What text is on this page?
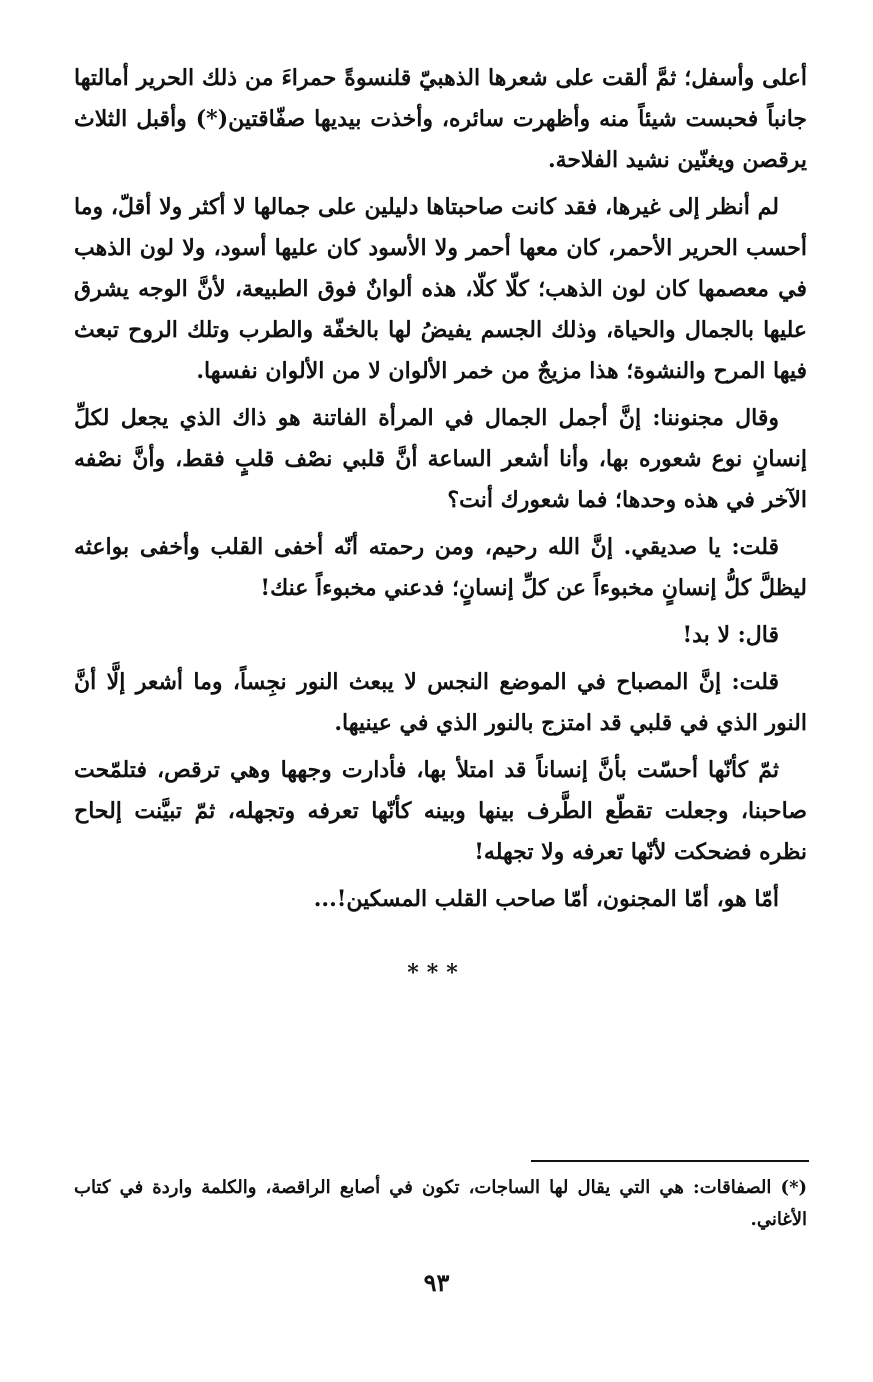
أعلى وأسفل؛ ثمَّ ألقت على شعرها الذهبيّ قلنسوةً حمراءَ من ذلك الحرير أمالتها جانباً فحبست شيئاً منه وأظهرت سائره، وأخذت بيديها صفّاقتين(*) وأقبل الثلاث يرقصن ويغنّين نشيد الفلاحة.

لم أنظر إلى غيرها، فقد كانت صاحبتاها دليلين على جمالها لا أكثر ولا أقلّ، وما أحسب الحرير الأحمر، كان معها أحمر ولا الأسود كان عليها أسود، ولا لون الذهب في معصمها كان لون الذهب؛ كلّا كلّا، هذه ألوانٌ فوق الطبيعة، لأنَّ الوجه يشرق عليها بالجمال والحياة، وذلك الجسم يفيضُ لها بالخفّة والطرب وتلك الروح تبعث فيها المرح والنشوة؛ هذا مزيجٌ من خمر الألوان لا من الألوان نفسها.

وقال مجنوننا: إنَّ أجمل الجمال في المرأة الفاتنة هو ذاك الذي يجعل لكلِّ إنسانٍ نوع شعوره بها، وأنا أشعر الساعة أنَّ قلبي نصْف قلبٍ فقط، وأنَّ نصْفه الآخر في هذه وحدها؛ فما شعورك أنت؟

قلت: يا صديقي. إنَّ الله رحيم، ومن رحمته أنّه أخفى القلب وأخفى بواعثه ليظلَّ كلُّ إنسانٍ مخبوءاً عن كلِّ إنسانٍ؛ فدعني مخبوءاً عنك!

قال: لا بد!

قلت: إنَّ المصباح في الموضع النجس لا يبعث النور نجِساً، وما أشعر إلَّا أنَّ النور الذي في قلبي قد امتزج بالنور الذي في عينيها.

ثمّ كأنّها أحسّت بأنَّ إنساناً قد امتلأ بها، فأدارت وجهها وهي ترقص، فتلمّحت صاحبنا، وجعلت تقطّع الطَّرف بينها وبينه كأنّها تعرفه وتجهله، ثمّ تبيَّنت إلحاح نظره فضحكت لأنّها تعرفه ولا تجهله!

أمّا هو، أمّا المجنون، أمّا صاحب القلب المسكين!...

***
(*) الصفاقات: هي التي يقال لها الساجات، تكون في أصابع الراقصة، والكلمة واردة في كتاب الأغاني.
٩٣
